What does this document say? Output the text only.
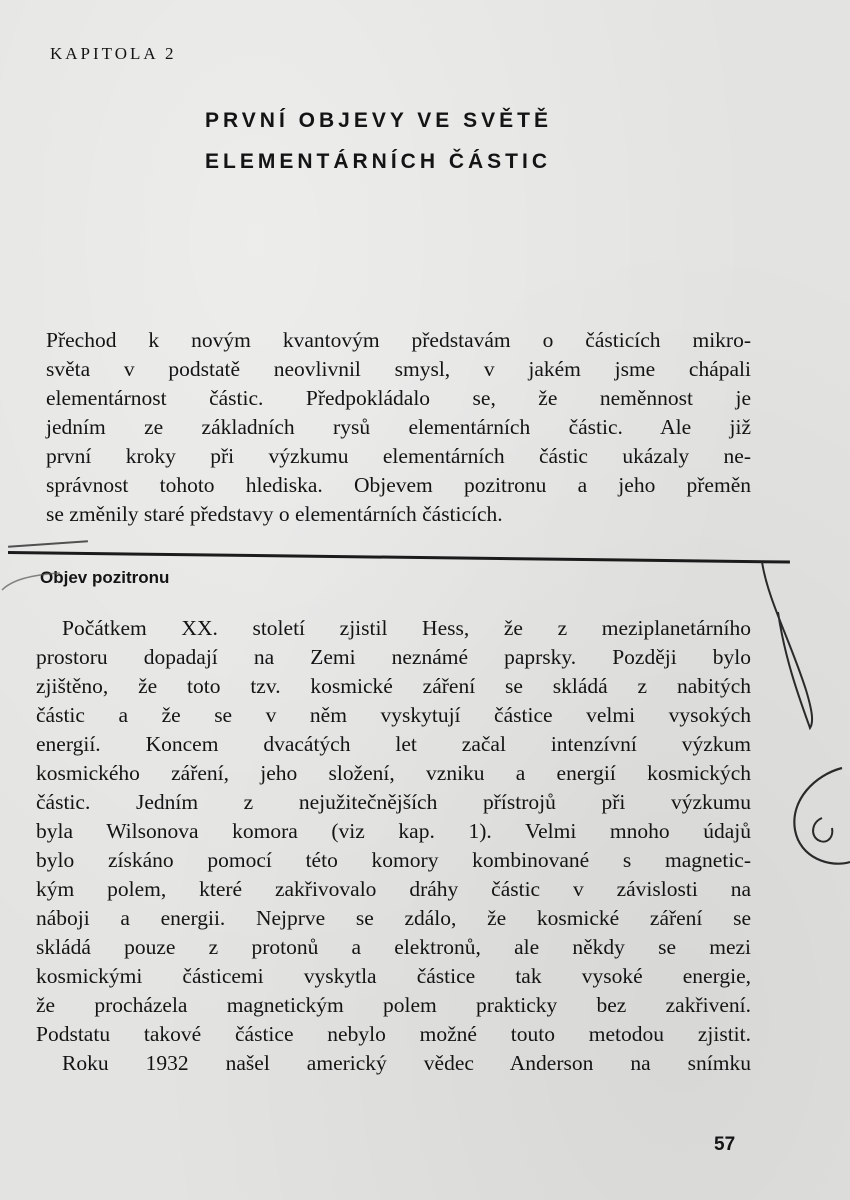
KAPITOLA 2
PRVNÍ OBJEVY VE SVĚTĚ
ELEMENTÁRNÍCH ČÁSTIC
Přechod k novým kvantovým představám o částicích mikro-
světa v podstatě neovlivnil smysl, v jakém jsme chápali
elementárnost částic. Předpokládalo se, že neměnnost je
jedním ze základních rysů elementárních částic. Ale již
první kroky při výzkumu elementárních částic ukázaly ne-
správnost tohoto hlediska. Objevem pozitronu a jeho přeměn
se změnily staré představy o elementárních částicích.
Objev pozitronu
Počátkem XX. století zjistil Hess, že z meziplanetárního
prostoru dopadají na Zemi neznámé paprsky. Později bylo
zjištěno, že toto tzv. kosmické záření se skládá z nabitých
částic a že se v něm vyskytují částice velmi vysokých
energií. Koncem dvacátých let začal intenzívní výzkum
kosmického záření, jeho složení, vzniku a energií kosmických
částic. Jedním z nejužitečnějších přístrojů při výzkumu
byla Wilsonova komora (viz kap. 1). Velmi mnoho údajů
bylo získáno pomocí této komory kombinované s magnetic-
kým polem, které zakřivovalo dráhy částic v závislosti na
náboji a energii. Nejprve se zdálo, že kosmické záření se
skládá pouze z protonů a elektronů, ale někdy se mezi
kosmickými částicemi vyskytla částice tak vysoké energie,
že procházela magnetickým polem prakticky bez zakřivení.
Podstatu takové částice nebylo možné touto metodou zjistit.
Roku 1932 našel americký vědec Anderson na snímku
57
